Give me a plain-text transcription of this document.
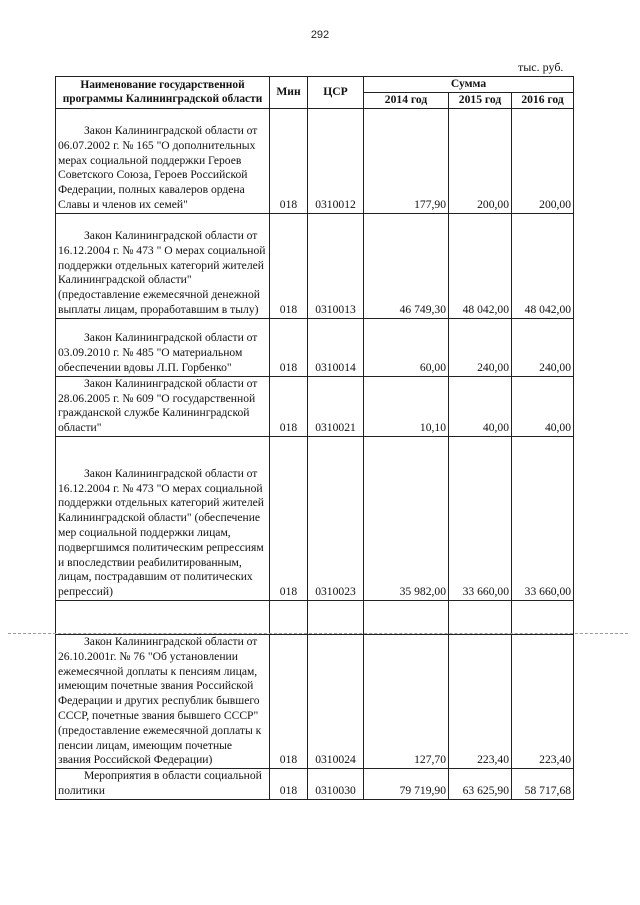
292
тыс. руб.
Наименование государственной программы Калининградской области	Мин	ЦСР	Сумма		
			2014 год	2015 год	2016 год
Закон Калининградской области от 06.07.2002 г. № 165 "О дополнительных мерах социальной поддержки Героев Советского Союза, Героев Российской Федерации, полных кавалеров ордена Славы и членов их семей"	018	0310012	177,90	200,00	200,00
Закон Калининградской области от 16.12.2004 г. № 473 " О мерах социальной поддержки отдельных категорий жителей Калининградской области" (предоставление ежемесячной денежной выплаты лицам, проработавшим в тылу)	018	0310013	46 749,30	48 042,00	48 042,00
Закон Калининградской области от 03.09.2010 г. № 485 "О материальном обеспечении вдовы Л.П. Горбенко"	018	0310014	60,00	240,00	240,00
Закон Калининградской области от 28.06.2005 г. № 609 "О государственной гражданской службе Калининградской области"	018	0310021	10,10	40,00	40,00
Закон Калининградской области от 16.12.2004 г. № 473 "О мерах социальной поддержки отдельных категорий жителей Калининградской области" (обеспечение мер социальной поддержки лицам, подвергшимся политическим репрессиям и впоследствии реабилитированным, лицам, пострадавшим от политических репрессий)	018	0310023	35 982,00	33 660,00	33 660,00

Закон Калининградской области от 26.10.2001г. № 76 "Об установлении ежемесячной доплаты к пенсиям лицам, имеющим почетные звания Российской Федерации и других республик бывшего СССР, почетные звания бывшего СССР" (предоставление ежемесячной доплаты к пенсии лицам, имеющим почетные звания Российской Федерации)	018	0310024	127,70	223,40	223,40
Мероприятия в области социальной политики	018	0310030	79 719,90	63 625,90	58 717,68
